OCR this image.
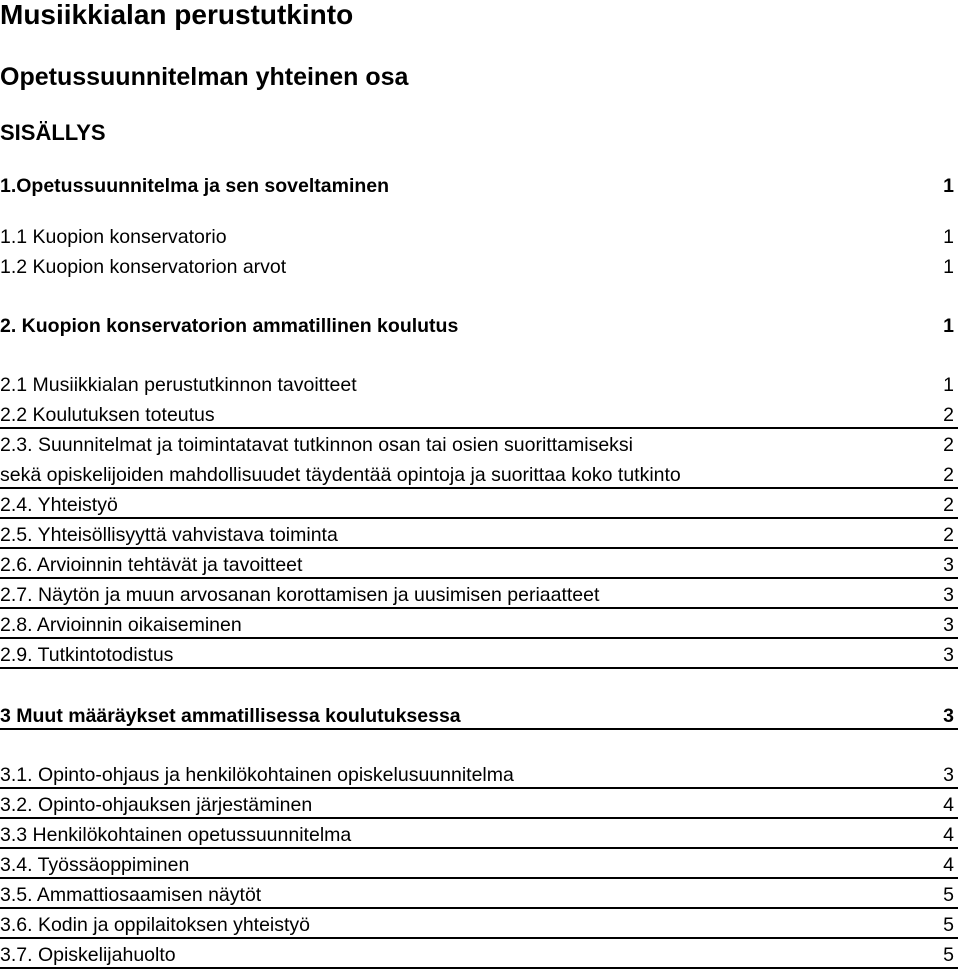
Musiikkialan perustutkinto
Opetussuunnitelman yhteinen osa
SISÄLLYS
1.Opetussuunnitelma ja sen soveltaminen	1
1.1 Kuopion konservatorio	1
1.2 Kuopion konservatorion arvot	1
2. Kuopion konservatorion ammatillinen koulutus	1
2.1 Musiikkialan perustutkinnon tavoitteet	1
2.2 Koulutuksen toteutus	2
2.3. Suunnitelmat ja toimintatavat tutkinnon osan tai osien suorittamiseksi	2
sekä opiskelijoiden mahdollisuudet täydentää opintoja ja suorittaa koko tutkinto	2
2.4. Yhteistyö	2
2.5. Yhteisöllisyyttä vahvistava toiminta	2
2.6. Arvioinnin tehtävät ja tavoitteet	3
2.7. Näytön ja muun arvosanan korottamisen ja uusimisen periaatteet	3
2.8. Arvioinnin oikaiseminen	3
2.9. Tutkintotodistus	3
3 Muut määräykset ammatillisessa koulutuksessa	3
3.1. Opinto-ohjaus ja henkilökohtainen opiskelusuunnitelma	3
3.2. Opinto-ohjauksen järjestäminen	4
3.3 Henkilökohtainen opetussuunnitelma	4
3.4. Työssäoppiminen	4
3.5. Ammattiosaamisen näytöt	5
3.6. Kodin ja oppilaitoksen yhteistyö	5
3.7. Opiskelijahuolto	5
